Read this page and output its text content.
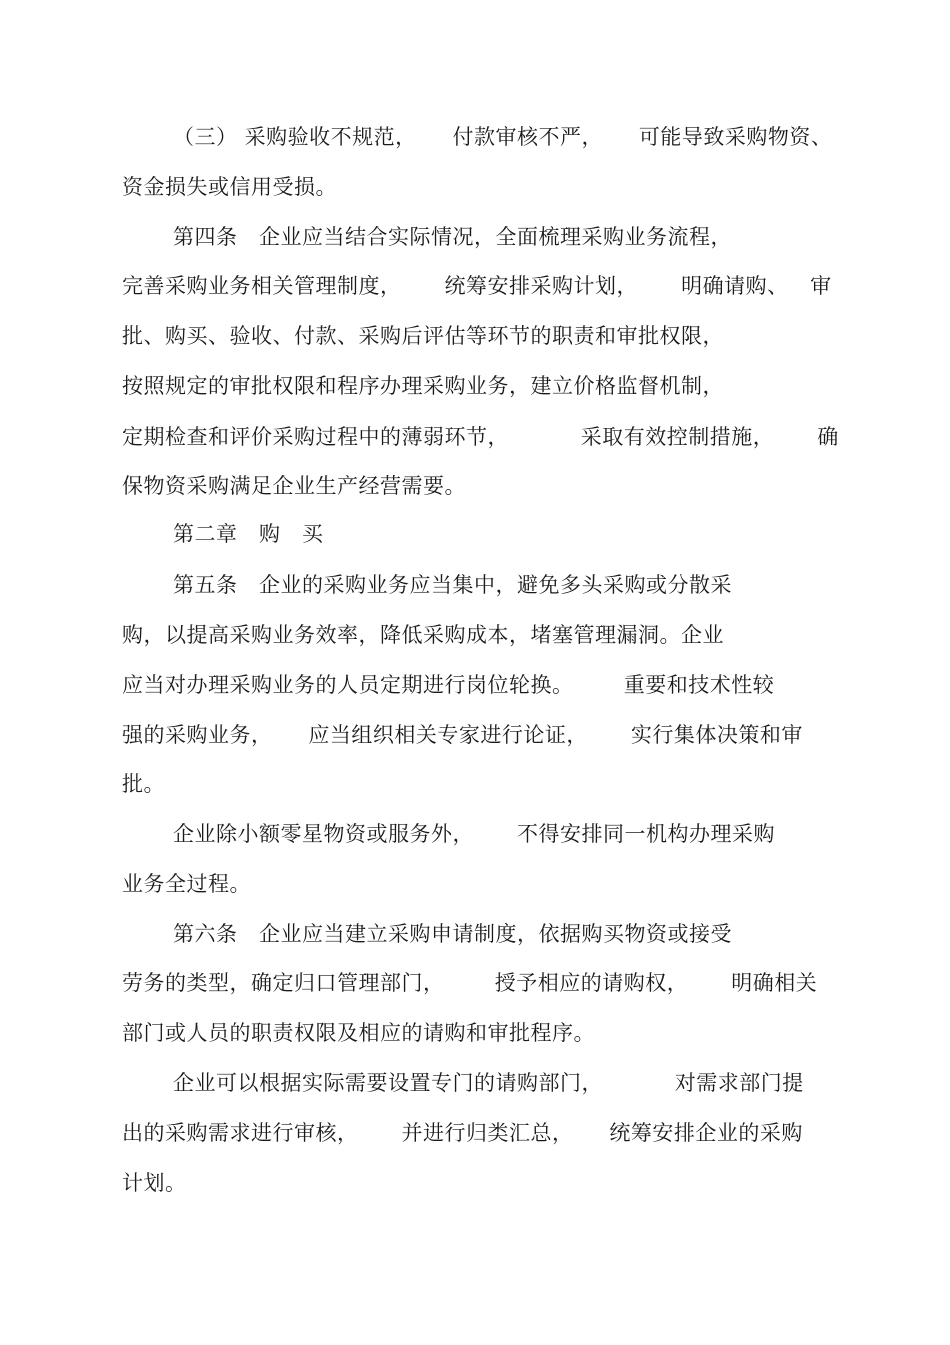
（三） 采购验收不规范，     付款审核不严，     可能导致采购物资、
资金损失或信用受损。
第四条   企业应当结合实际情况，全面梳理采购业务流程，
完善采购业务相关管理制度，      统筹安排采购计划，      明确请购、   审
批、购买、验收、付款、采购后评估等环节的职责和审批权限，
按照规定的审批权限和程序办理采购业务，建立价格监督机制，
定期检查和评价采购过程中的薄弱环节，          采取有效控制措施，      确
保物资采购满足企业生产经营需要。
第二章   购   买
第五条   企业的采购业务应当集中，避免多头采购或分散采
购，以提高采购业务效率，降低采购成本，堵塞管理漏洞。企业
应当对办理采购业务的人员定期进行岗位轮换。       重要和技术性较
强的采购业务，     应当组织相关专家进行论证，      实行集体决策和审
批。
企业除小额零星物资或服务外，      不得安排同一机构办理采购
业务全过程。
第六条   企业应当建立采购申请制度，依据购买物资或接受
劳务的类型，确定归口管理部门，       授予相应的请购权，      明确相关
部门或人员的职责权限及相应的请购和审批程序。
企业可以根据实际需要设置专门的请购部门，          对需求部门提
出的采购需求进行审核，      并进行归类汇总，     统筹安排企业的采购
计划。
